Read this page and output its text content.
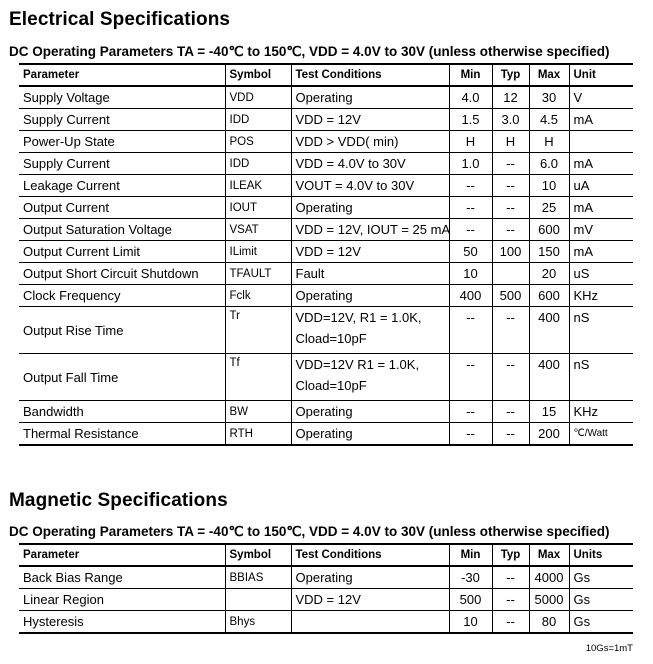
Electrical Specifications
DC Operating Parameters TA = -40℃ to 150℃, VDD = 4.0V to 30V (unless otherwise specified)
Parameter	Symbol	Test Conditions	Min	Typ	Max	Unit
Supply Voltage	VDD	Operating	4.0	12	30	V
Supply Current	IDD	VDD = 12V	1.5	3.0	4.5	mA
Power-Up State	POS	VDD > VDD( min)	H	H	H	
Supply Current	IDD	VDD = 4.0V to 30V	1.0	--	6.0	mA
Leakage Current	ILEAK	VOUT = 4.0V to 30V	--	--	10	uA
Output Current	IOUT	Operating	--	--	25	mA
Output Saturation Voltage	VSAT	VDD = 12V, IOUT = 25 mA	--	--	600	mV
Output Current Limit	ILimit	VDD = 12V	50	100	150	mA
Output Short Circuit Shutdown	TFAULT	Fault	10		20	uS
Clock Frequency	Fclk	Operating	400	500	600	KHz
Output Rise Time	Tr	VDD=12V, R1 = 1.0K, Cload=10pF	--	--	400	nS
Output Fall Time	Tf	VDD=12V R1 = 1.0K, Cload=10pF	--	--	400	nS
Bandwidth	BW	Operating	--	--	15	KHz
Thermal Resistance	RTH	Operating	--	--	200	℃/Watt
Magnetic Specifications
DC Operating Parameters TA = -40℃ to 150℃, VDD = 4.0V to 30V (unless otherwise specified)
Parameter	Symbol	Test Conditions	Min	Typ	Max	Units
Back Bias Range	BBIAS	Operating	-30	--	4000	Gs
Linear Region		VDD = 12V	500	--	5000	Gs
Hysteresis	Bhys		10	--	80	Gs
10Gs=1mT
